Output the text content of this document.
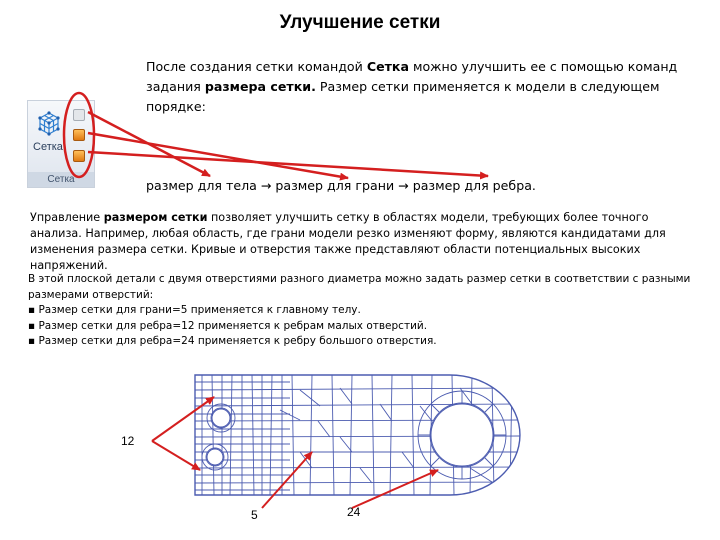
Улучшение сетки
После создания сетки командой Сетка можно улучшить ее с помощью команд задания размера сетки. Размер сетки применяется к модели в следующем порядке:
размер для тела → размер для грани → размер для ребра.
Сетка
Сетка
Управление размером сетки позволяет улучшить сетку в областях модели, требующих более точного анализа. Например, любая область, где грани модели резко изменяют форму, являются кандидатами для изменения размера сетки. Кривые и отверстия также представляют области потенциальных высоких напряжений.
В этой плоской детали с двумя отверстиями разного диаметра можно задать размер сетки в соответствии с разными размерами отверстий:
▪ Размер сетки для грани=5 применяется к главному телу.
▪ Размер сетки для ребра=12 применяется к ребрам малых отверстий.
▪ Размер сетки для ребра=24 применяется к ребру большого отверстия.
12
5	24
